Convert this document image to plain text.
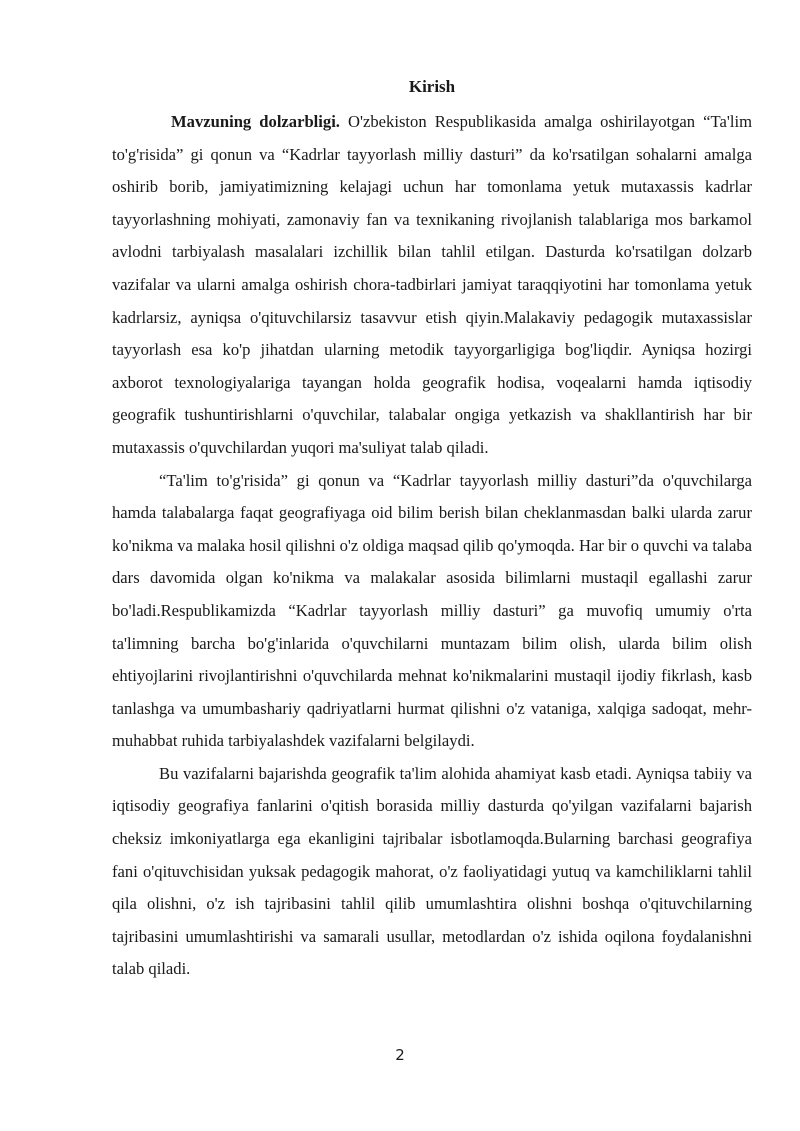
Kirish

Mavzuning dolzarbligi. O'zbekiston Respublikasida amalga oshirilayotgan “Ta'lim to'g'risida” gi qonun va “Kadrlar tayyorlash milliy dasturi” da ko'rsatilgan sohalarni amalga oshirib borib, jamiyatimizning kelajagi uchun har tomonlama yetuk mutaxassis kadrlar tayyorlashning mohiyati, zamonaviy fan va texnikaning rivojlanish talablariga mos barkamol avlodni tarbiyalash masalalari izchillik bilan tahlil etilgan. Dasturda ko'rsatilgan dolzarb vazifalar va ularni amalga oshirish chora-tadbirlari jamiyat taraqqiyotini har tomonlama yetuk kadrlarsiz, ayniqsa o'qituvchilarsiz tasavvur etish qiyin.Malakaviy pedagogik mutaxassislar tayyorlash esa ko'p jihatdan ularning metodik tayyorgarligiga bog'liqdir. Ayniqsa hozirgi axborot texnologiyalariga tayangan holda geografik hodisa, voqealarni hamda iqtisodiy geografik tushuntirishlarni o'quvchilar, talabalar ongiga yetkazish va shakllantirish har bir mutaxassis o'quvchilardan yuqori ma'suliyat talab qiladi.

“Ta'lim to'g'risida” gi qonun va “Kadrlar tayyorlash milliy dasturi”da o'quvchilarga hamda talabalarga faqat geografiyaga oid bilim berish bilan cheklanmasdan balki ularda zarur ko'nikma va malaka hosil qilishni o'z oldiga maqsad qilib qo'ymoqda. Har bir o quvchi va talaba dars davomida olgan ko'nikma va malakalar asosida bilimlarni mustaqil egallashi zarur bo'ladi.Respublikamizda “Kadrlar tayyorlash milliy dasturi” ga muvofiq umumiy o'rta ta'limning barcha bo'g'inlarida o'quvchilarni muntazam bilim olish, ularda bilim olish ehtiyojlarini rivojlantirishni o'quvchilarda mehnat ko'nikmalarini mustaqil ijodiy fikrlash, kasb tanlashga va umumbashariy qadriyatlarni hurmat qilishni o'z vataniga, xalqiga sadoqat, mehr-muhabbat ruhida tarbiyalashdek vazifalarni belgilaydi.

Bu vazifalarni bajarishda geografik ta'lim alohida ahamiyat kasb etadi. Ayniqsa tabiiy va iqtisodiy geografiya fanlarini o'qitish borasida milliy dasturda qo'yilgan vazifalarni bajarish cheksiz imkoniyatlarga ega ekanligini tajribalar isbotlamoqda.Bularning barchasi geografiya fani o'qituvchisidan yuksak pedagogik mahorat, o'z faoliyatidagi yutuq va kamchiliklarni tahlil qila olishni, o'z ish tajribasini tahlil qilib umumlashtira olishni boshqa o'qituvchilarning tajribasini umumlashtirishi va samarali usullar, metodlardan o'z ishida oqilona foydalanishni talab qiladi.

2
